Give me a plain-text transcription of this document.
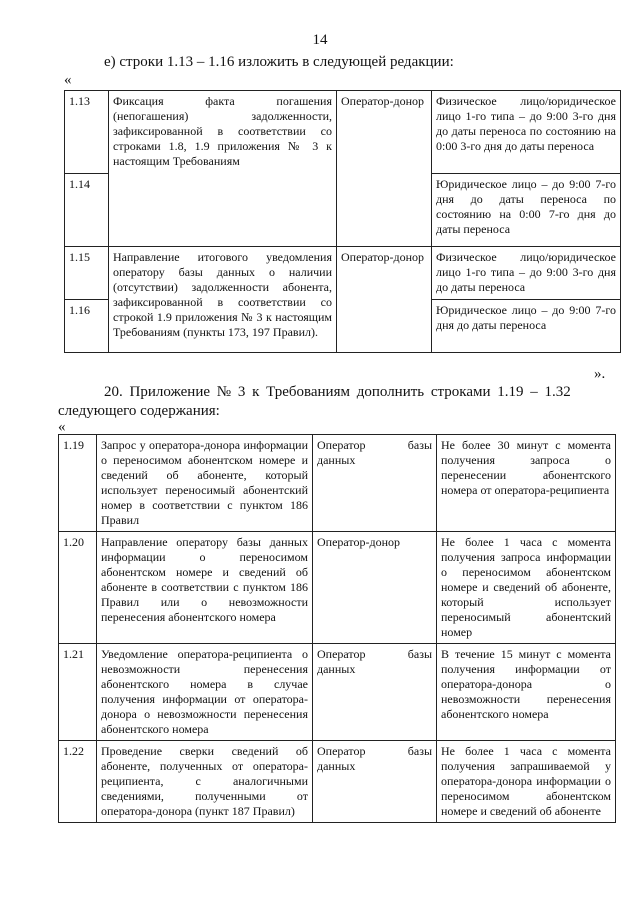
14
е) строки 1.13 – 1.16 изложить в следующей редакции:
«
1.13	Фиксация факта погашения (непогашения) задолженности, зафиксированной в соответствии со строками 1.8, 1.9 приложения № 3 к настоящим Требованиям	Оператор-донор	Физическое лицо/юридическое лицо 1-го типа – до 9:00 3-го дня до даты переноса по состоянию на 0:00 3-го дня до даты переноса
1.14			Юридическое лицо – до 9:00 7-го дня до даты переноса по состоянию на 0:00 7-го дня до даты переноса
1.15	Направление итогового уведомления оператору базы данных о наличии (отсутствии) задолженности абонента, зафиксированной в соответствии со строкой 1.9 приложения № 3 к настоящим Требованиям (пункты 173, 197 Правил).	Оператор-донор	Физическое лицо/юридическое лицо 1-го типа – до 9:00 3-го дня до даты переноса
1.16			Юридическое лицо – до 9:00 7-го дня до даты переноса
».
20. Приложение № 3 к Требованиям дополнить строками 1.19 – 1.32
следующего содержания:
«
1.19	Запрос у оператора-донора информации о переносимом абонентском номере и сведений об абоненте, который использует переносимый абонентский номер в соответствии с пунктом 186 Правил	Оператор базы данных	Не более 30 минут с момента получения запроса о перенесении абонентского номера от оператора-реципиента
1.20	Направление оператору базы данных информации о переносимом абонентском номере и сведений об абоненте в соответствии с пунктом 186 Правил или о невозможности перенесения абонентского номера	Оператор-донор	Не более 1 часа с момента получения запроса информации о переносимом абонентском номере и сведений об абоненте, который использует переносимый абонентский номер
1.21	Уведомление оператора-реципиента о невозможности перенесения абонентского номера в случае получения информации от оператора-донора о невозможности перенесения абонентского номера	Оператор базы данных	В течение 15 минут с момента получения информации от оператора-донора о невозможности перенесения абонентского номера
1.22	Проведение сверки сведений об абоненте, полученных от оператора-реципиента, с аналогичными сведениями, полученными от оператора-донора (пункт 187 Правил)	Оператор базы данных	Не более 1 часа с момента получения запрашиваемой у оператора-донора информации о переносимом абонентском номере и сведений об абоненте
